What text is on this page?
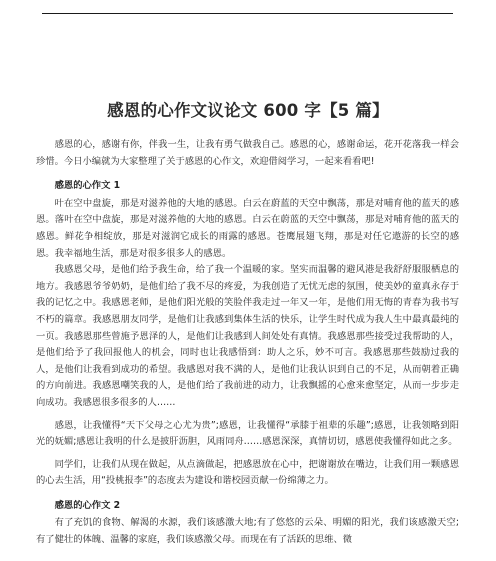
感恩的心作文议论文 600 字【5 篇】

感恩的心，感谢有你，伴我一生，让我有勇气做我自己。感恩的心，感谢命运，花开花落我一样会珍惜。今日小编就为大家整理了关于感恩的心作文，欢迎借阅学习，一起来看看吧!

感恩的心作文 1

叶在空中盘旋，那是对滋养他的大地的感恩。白云在蔚蓝的天空中飘荡，那是对哺育他的蓝天的感恩。落叶在空中盘旋，那是对滋养他的大地的感恩。白云在蔚蓝的天空中飘荡，那是对哺育他的蓝天的感恩。鲜花争相绽放，那是对滋润它成长的雨露的感恩。苍鹰展翅飞翔，那是对任它遨游的长空的感恩。我幸福地生活，那是对很多很多人的感恩。

我感恩父母，是他们给予我生命，给了我一个温暖的家。坚实而温馨的避风港是我舒舒服服栖息的地方。我感恩爷爷奶奶，是他们给了我不尽的疼爱，为我创造了无忧无虑的氛围，使美妙的童真永存于我的记忆之中。我感恩老师，是他们阳光般的笑脸伴我走过一年又一年，是他们用无悔的青春为我书写不朽的篇章。我感恩朋友同学，是他们让我感到集体生活的快乐，让学生时代成为我人生中最真最纯的一页。我感恩那些曾施予恩泽的人，是他们让我感到人间处处有真情。我感恩那些接受过我帮助的人，是他们给予了我回报他人的机会，同时也让我感悟到：助人之乐，妙不可言。我感恩那些鼓励过我的人，是他们让我看到成功的希望。我感恩对我不满的人，是他们让我认识到自己的不足，从而朝着正确的方向前进。我感恩嘲笑我的人，是他们给了我前进的动力，让我飘摇的心愈来愈坚定，从而一步步走向成功。我感恩很多很多的人……

感恩，让我懂得“天下父母之心尤为贵”;感恩，让我懂得“承膝于祖辈的乐趣”;感恩，让我领略到阳光的妩媚;感恩让我明的什么是披肝沥胆，风雨同舟……感恩深深，真情切切，感恩使我懂得如此之多。

同学们，让我们从现在做起，从点滴做起，把感恩放在心中，把谢谢放在嘴边，让我们用一颗感恩的心去生活，用“投桃报李”的态度去为建设和谐校园贡献一份绵薄之力。

感恩的心作文 2

有了充饥的食物、解渴的水源，我们该感激大地;有了悠悠的云朵、明媚的阳光，我们该感激天空;有了健壮的体魄、温馨的家庭，我们该感激父母。而现在有了活跃的思维、微
